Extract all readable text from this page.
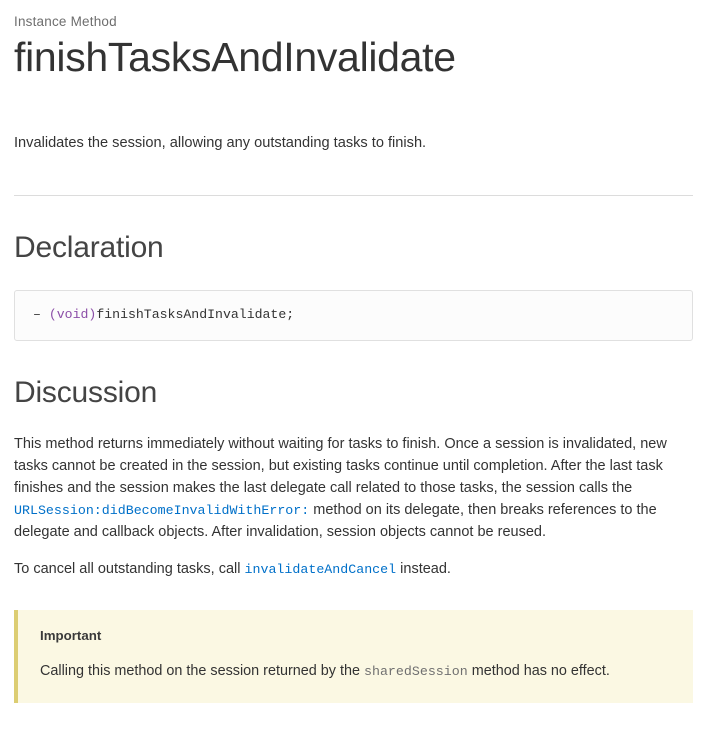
Instance Method
finishTasksAndInvalidate

Invalidates the session, allowing any outstanding tasks to finish.

Declaration
– (void)finishTasksAndInvalidate;
Discussion

This method returns immediately without waiting for tasks to finish. Once a session is invalidated, new tasks cannot be created in the session, but existing tasks continue until completion. After the last task finishes and the session makes the last delegate call related to those tasks, the session calls the URLSession:didBecomeInvalidWithError: method on its delegate, then breaks references to the delegate and callback objects. After invalidation, session objects cannot be reused.

To cancel all outstanding tasks, call invalidateAndCancel instead.

Important

Calling this method on the session returned by the sharedSession method has no effect.
